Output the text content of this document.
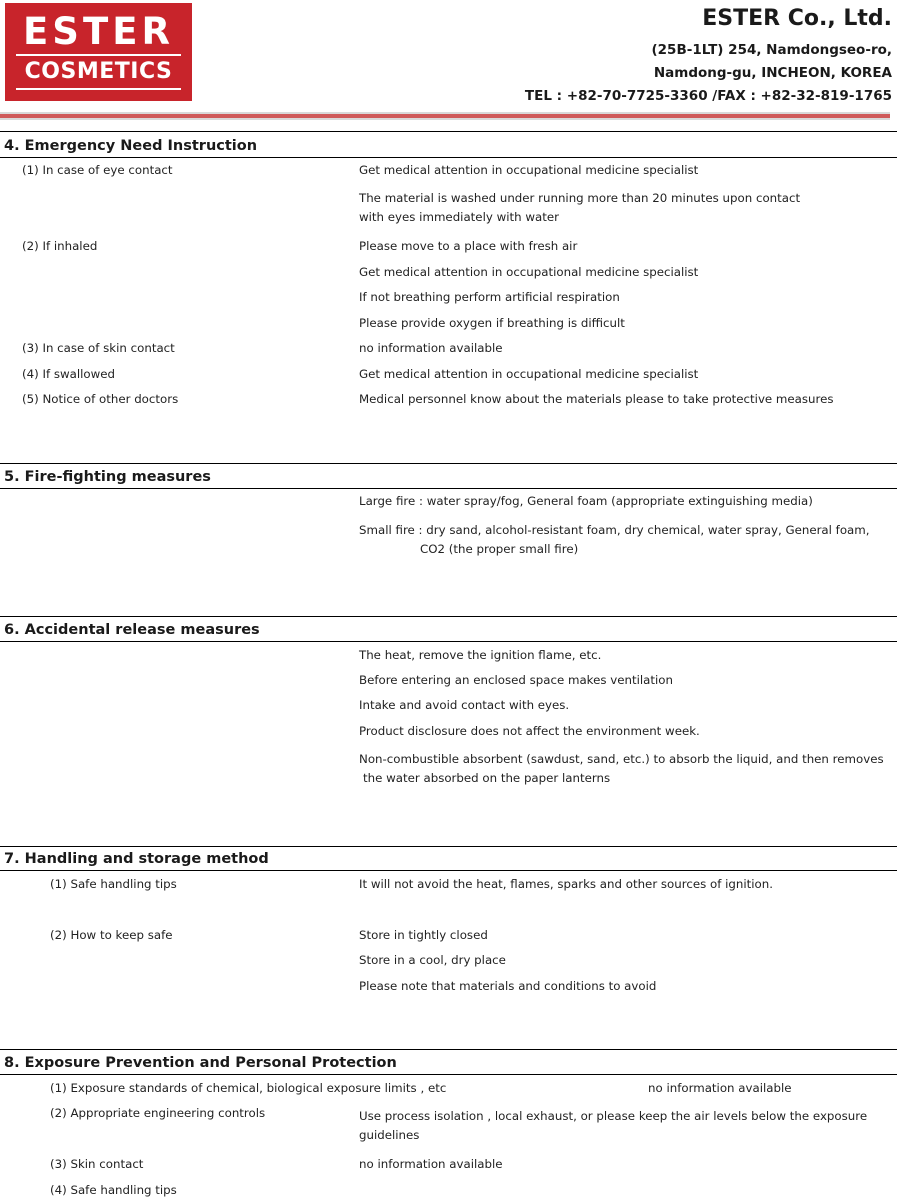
ESTER
COSMETICS
ESTER Co., Ltd.
(25B-1LT) 254, Namdongseo-ro,
Namdong-gu, INCHEON, KOREA
TEL : +82-70-7725-3360 /FAX : +82-32-819-1765
4. Emergency Need Instruction
(1) In case of eye contact	Get medical attention in occupational medicine specialist
The material is washed under running more than 20 minutes upon contact
with eyes immediately with water
(2) If inhaled	Please move to a place with fresh air
Get medical attention in occupational medicine specialist
If not breathing perform artificial respiration
Please provide oxygen if breathing is difficult
(3) In case of skin contact	no information available
(4) If swallowed	Get medical attention in occupational medicine specialist
(5) Notice of other doctors	Medical personnel know about the materials please to take protective measures
5. Fire-fighting measures
Large fire : water spray/fog, General foam (appropriate extinguishing media)
Small fire : dry sand, alcohol-resistant foam, dry chemical, water spray, General foam,
CO2 (the proper small fire)
6. Accidental release measures
The heat, remove the ignition flame, etc.
Before entering an enclosed space makes ventilation
Intake and avoid contact with eyes.
Product disclosure does not affect the environment week.
Non-combustible absorbent (sawdust, sand, etc.) to absorb the liquid, and then removes
the water absorbed on the paper lanterns
7. Handling and storage method
(1) Safe handling tips	It will not avoid the heat, flames, sparks and other sources of ignition.
(2) How to keep safe	Store in tightly closed
Store in a cool, dry place
Please note that materials and conditions to avoid
8. Exposure Prevention and Personal Protection
(1) Exposure standards of chemical, biological exposure limits , etc	no information available
(2) Appropriate engineering controls	Use process isolation , local exhaust, or please keep the air levels below the exposure
guidelines
(3) Skin contact	no information available
(4) Safe handling tips
